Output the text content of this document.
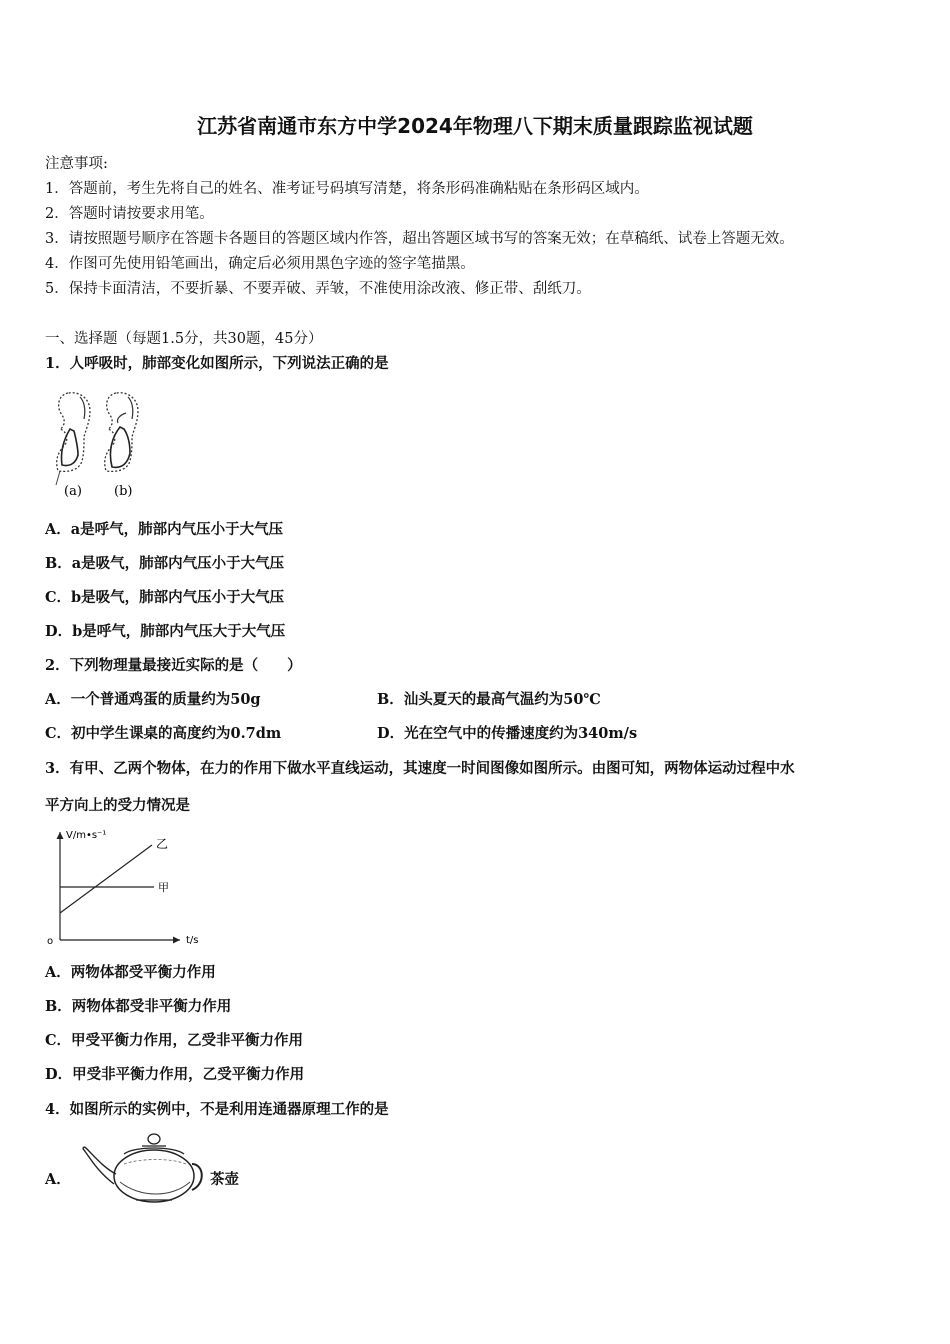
江苏省南通市东方中学2024年物理八下期末质量跟踪监视试题
注意事项:
1．答题前，考生先将自己的姓名、准考证号码填写清楚，将条形码准确粘贴在条形码区域内。
2．答题时请按要求用笔。
3．请按照题号顺序在答题卡各题目的答题区域内作答，超出答题区域书写的答案无效；在草稿纸、试卷上答题无效。
4．作图可先使用铅笔画出，确定后必须用黑色字迹的签字笔描黑。
5．保持卡面清洁，不要折暴、不要弄破、弄皱，不准使用涂改液、修正带、刮纸刀。
一、选择题（每题1.5分，共30题，45分）
1．人呼吸时，肺部变化如图所示，下列说法正确的是
(a) (b)
A．a是呼气，肺部内气压小于大气压
B．a是吸气，肺部内气压小于大气压
C．b是吸气，肺部内气压小于大气压
D．b是呼气，肺部内气压大于大气压
2．下列物理量最接近实际的是（　　）
A．一个普通鸡蛋的质量约为50g	B．汕头夏天的最高气温约为50℃
C．初中学生课桌的高度约为0.7dm	D．光在空气中的传播速度约为340m/s
3．有甲、乙两个物体，在力的作用下做水平直线运动，其速度一时间图像如图所示。由图可知，两物体运动过程中水
平方向上的受力情况是
V/m•s⁻¹
t/s
o
乙
甲
A．两物体都受平衡力作用
B．两物体都受非平衡力作用
C．甲受平衡力作用，乙受非平衡力作用
D．甲受非平衡力作用，乙受平衡力作用
4．如图所示的实例中，不是利用连通器原理工作的是
A．	茶壶
